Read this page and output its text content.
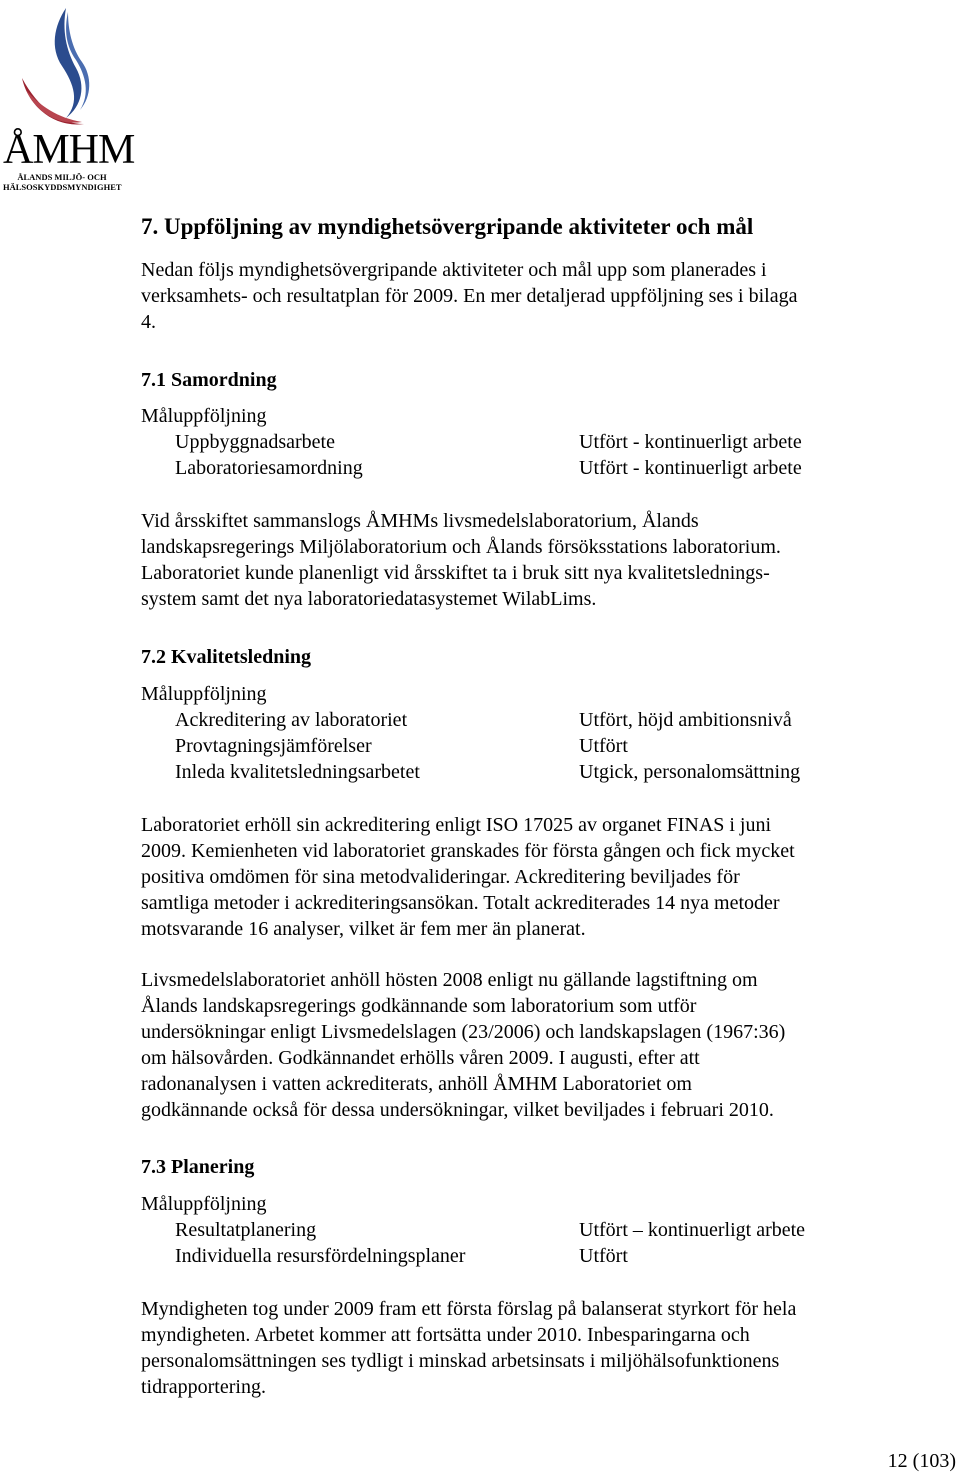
ÅMHM
ÅLANDS MILJÖ- OCH
HÄLSOSKYDDSMYNDIGHET
7. Uppföljning av myndighetsövergripande aktiviteter och mål
Nedan följs myndighetsövergripande aktiviteter och mål upp som planerades i
verksamhets- och resultatplan för 2009. En mer detaljerad uppföljning ses i bilaga
4.
7.1 Samordning
Måluppföljning
Uppbyggnadsarbete	Utfört - kontinuerligt arbete
Laboratoriesamordning	Utfört - kontinuerligt arbete
Vid årsskiftet sammanslogs ÅMHMs livsmedelslaboratorium, Ålands
landskapsregerings Miljölaboratorium och Ålands försöksstations laboratorium.
Laboratoriet kunde planenligt vid årsskiftet ta i bruk sitt nya kvalitetslednings-
system samt det nya laboratoriedatasystemet WilabLims.
7.2 Kvalitetsledning
Måluppföljning
Ackreditering av laboratoriet	Utfört, höjd ambitionsnivå
Provtagningsjämförelser	Utfört
Inleda kvalitetsledningsarbetet	Utgick, personalomsättning
Laboratoriet erhöll sin ackreditering enligt ISO 17025 av organet FINAS i juni
2009. Kemienheten vid laboratoriet granskades för första gången och fick mycket
positiva omdömen för sina metodvalideringar. Ackreditering beviljades för
samtliga metoder i ackrediteringsansökan. Totalt ackrediterades 14 nya metoder
motsvarande 16 analyser, vilket är fem mer än planerat.
Livsmedelslaboratoriet anhöll hösten 2008 enligt nu gällande lagstiftning om
Ålands landskapsregerings godkännande som laboratorium som utför
undersökningar enligt Livsmedelslagen (23/2006) och landskapslagen (1967:36)
om hälsovården. Godkännandet erhölls våren 2009. I augusti, efter att
radonanalysen i vatten ackrediterats, anhöll ÅMHM Laboratoriet om
godkännande också för dessa undersökningar, vilket beviljades i februari 2010.
7.3 Planering
Måluppföljning
Resultatplanering	Utfört – kontinuerligt arbete
Individuella resursfördelningsplaner	Utfört
Myndigheten tog under 2009 fram ett första förslag på balanserat styrkort för hela
myndigheten. Arbetet kommer att fortsätta under 2010. Inbesparingarna och
personalomsättningen ses tydligt i minskad arbetsinsats i miljöhälsofunktionens
tidrapportering.
12 (103)
